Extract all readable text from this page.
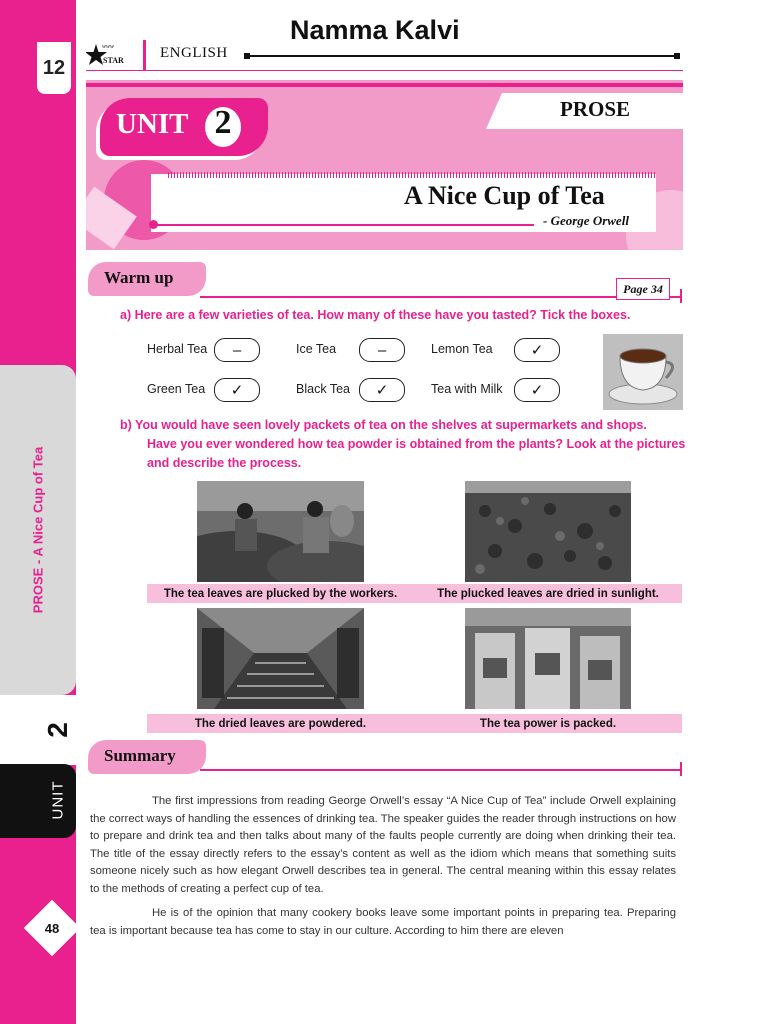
12
PROSE - A Nice Cup of Tea
2
UNIT
48
www
STAR ENGLISH
Namma Kalvi
PROSE
UNIT 2
A Nice Cup of Tea
- George Orwell
Warm up
Page 34
a) Here are a few varieties of tea. How many of these have you tasted? Tick the boxes.
Herbal Tea	–	Ice Tea	–	Lemon Tea	✓
Green Tea	✓	Black Tea	✓	Tea with Milk	✓
b) You would have seen lovely packets of tea on the shelves at supermarkets and shops.
Have you ever wondered how tea powder is obtained from the plants? Look at the pictures
and describe the process.
The tea leaves are plucked by the workers.	The plucked leaves are dried in sunlight.
The dried leaves are powdered.	The tea power is packed.
Summary
The first impressions from reading George Orwell’s essay “A Nice Cup of Tea” include Orwell explaining the correct ways of handling the essences of drinking tea. The speaker guides the reader through instructions on how to prepare and drink tea and then talks about many of the faults people currently are doing when drinking their tea. The title of the essay directly refers to the essay’s content as well as the idiom which means that something suits someone nicely such as how elegant Orwell describes tea in general. The central meaning within this essay relates to the methods of creating a perfect cup of tea.
He is of the opinion that many cookery books leave some important points in preparing tea. Preparing tea is important because tea has come to stay in our culture. According to him there are eleven
